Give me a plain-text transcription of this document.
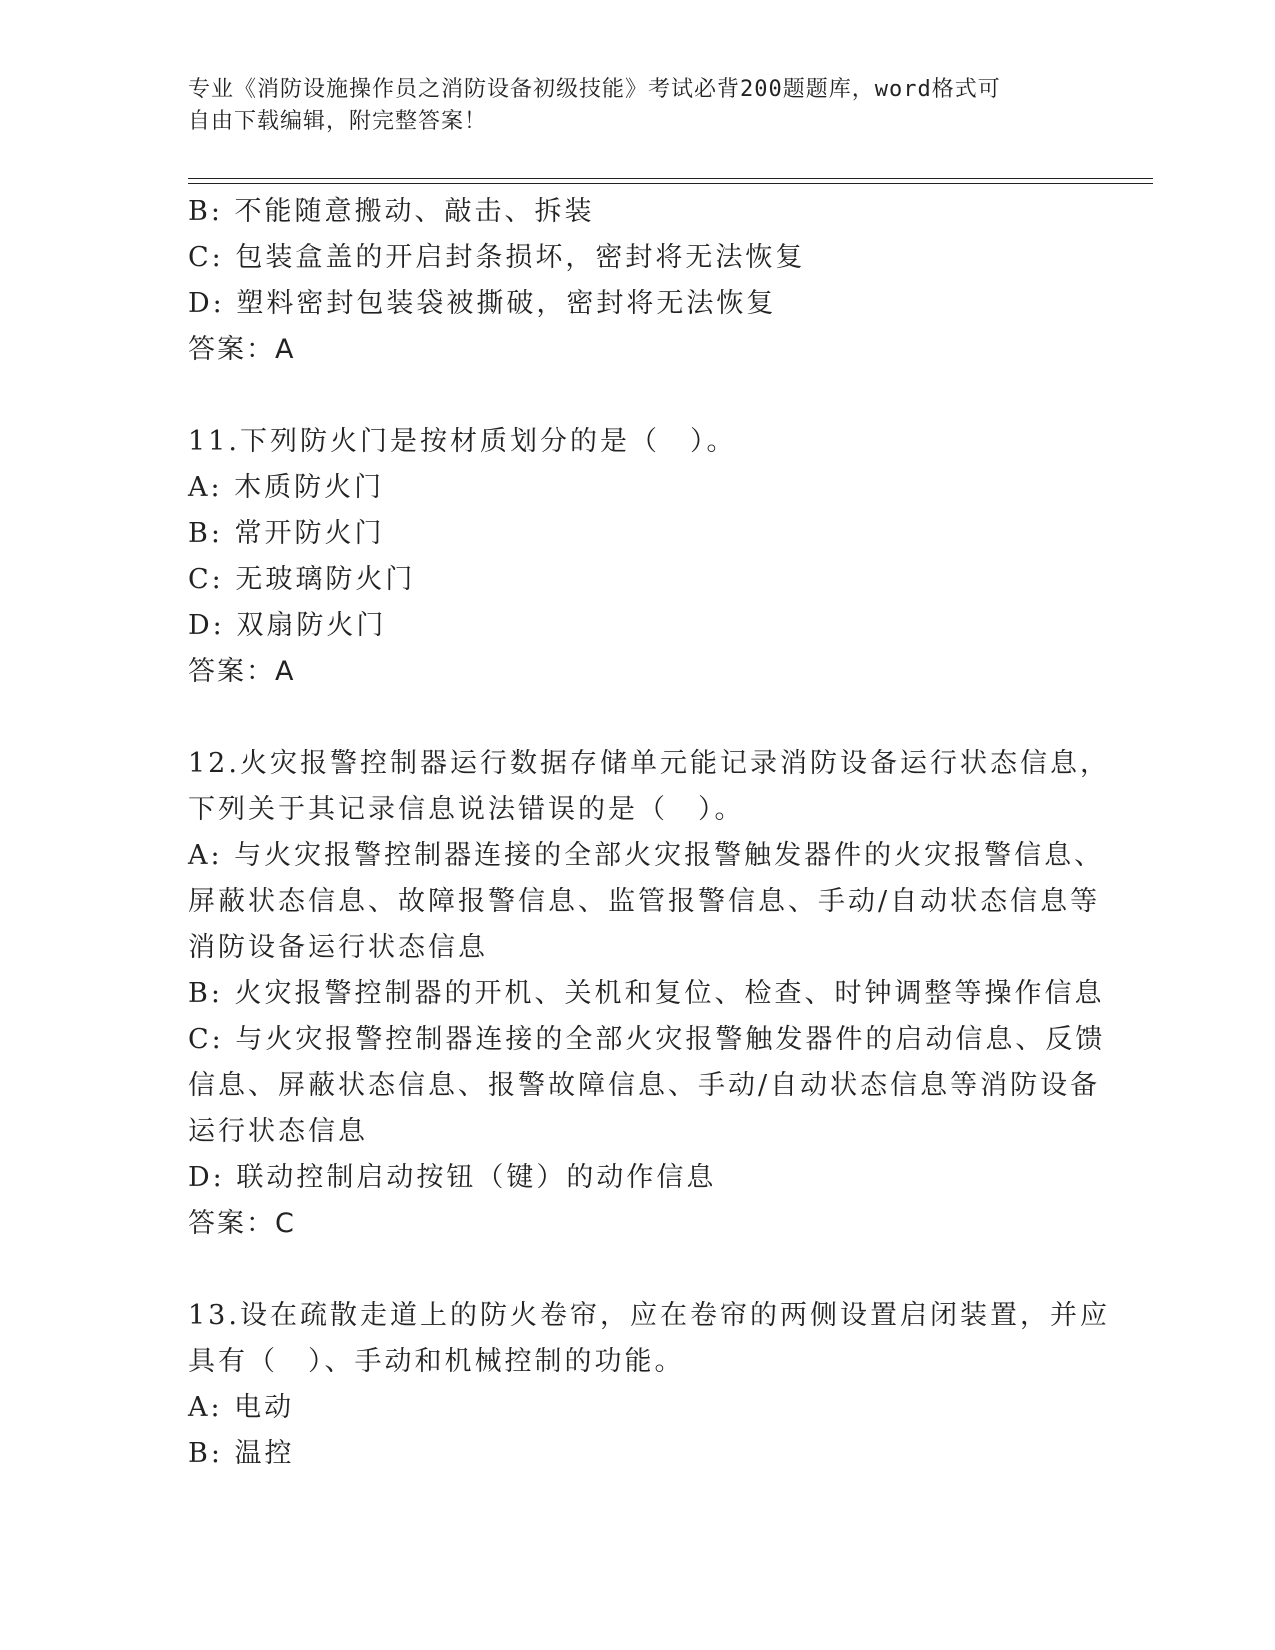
专业《消防设施操作员之消防设备初级技能》考试必背200题题库，word格式可
自由下载编辑，附完整答案！
B: 不能随意搬动、敲击、拆装
C: 包装盒盖的开启封条损坏，密封将无法恢复
D: 塑料密封包装袋被撕破，密封将无法恢复
答案：A
11.下列防火门是按材质划分的是（　）。
A: 木质防火门
B: 常开防火门
C: 无玻璃防火门
D: 双扇防火门
答案：A
12.火灾报警控制器运行数据存储单元能记录消防设备运行状态信息，
下列关于其记录信息说法错误的是（　）。
A: 与火灾报警控制器连接的全部火灾报警触发器件的火灾报警信息、
屏蔽状态信息、故障报警信息、监管报警信息、手动/自动状态信息等
消防设备运行状态信息
B: 火灾报警控制器的开机、关机和复位、检查、时钟调整等操作信息
C: 与火灾报警控制器连接的全部火灾报警触发器件的启动信息、反馈
信息、屏蔽状态信息、报警故障信息、手动/自动状态信息等消防设备
运行状态信息
D: 联动控制启动按钮（键）的动作信息
答案：C
13.设在疏散走道上的防火卷帘，应在卷帘的两侧设置启闭装置，并应
具有（　）、手动和机械控制的功能。
A: 电动
B: 温控
